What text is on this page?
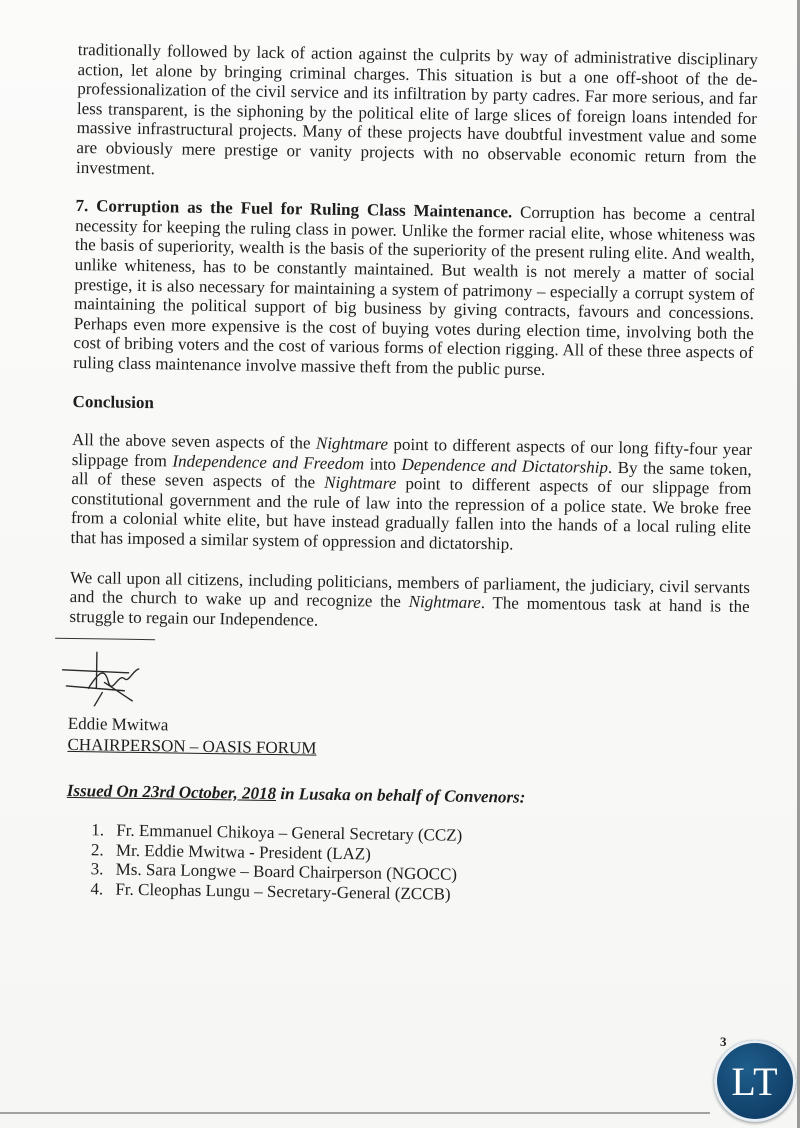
traditionally followed by lack of action against the culprits by way of administrative disciplinary action, let alone by bringing criminal charges. This situation is but a one off-shoot of the de-professionalization of the civil service and its infiltration by party cadres. Far more serious, and far less transparent, is the siphoning by the political elite of large slices of foreign loans intended for massive infrastructural projects. Many of these projects have doubtful investment value and some are obviously mere prestige or vanity projects with no observable economic return from the investment.

7. Corruption as the Fuel for Ruling Class Maintenance. Corruption has become a central necessity for keeping the ruling class in power. Unlike the former racial elite, whose whiteness was the basis of superiority, wealth is the basis of the superiority of the present ruling elite. And wealth, unlike whiteness, has to be constantly maintained. But wealth is not merely a matter of social prestige, it is also necessary for maintaining a system of patrimony – especially a corrupt system of maintaining the political support of big business by giving contracts, favours and concessions. Perhaps even more expensive is the cost of buying votes during election time, involving both the cost of bribing voters and the cost of various forms of election rigging. All of these three aspects of ruling class maintenance involve massive theft from the public purse.

Conclusion

All the above seven aspects of the Nightmare point to different aspects of our long fifty-four year slippage from Independence and Freedom into Dependence and Dictatorship. By the same token, all of these seven aspects of the Nightmare point to different aspects of our slippage from constitutional government and the rule of law into the repression of a police state. We broke free from a colonial white elite, but have instead gradually fallen into the hands of a local ruling elite that has imposed a similar system of oppression and dictatorship.

We call upon all citizens, including politicians, members of parliament, the judiciary, civil servants and the church to wake up and recognize the Nightmare. The momentous task at hand is the struggle to regain our Independence.

Eddie Mwitwa
CHAIRPERSON – OASIS FORUM
Issued On 23rd October, 2018 in Lusaka on behalf of Convenors:
1. Fr. Emmanuel Chikoya – General Secretary (CCZ)
2. Mr. Eddie Mwitwa - President (LAZ)
3. Ms. Sara Longwe – Board Chairperson (NGOCC)
4. Fr. Cleophas Lungu – Secretary-General (ZCCB)
3
LT
